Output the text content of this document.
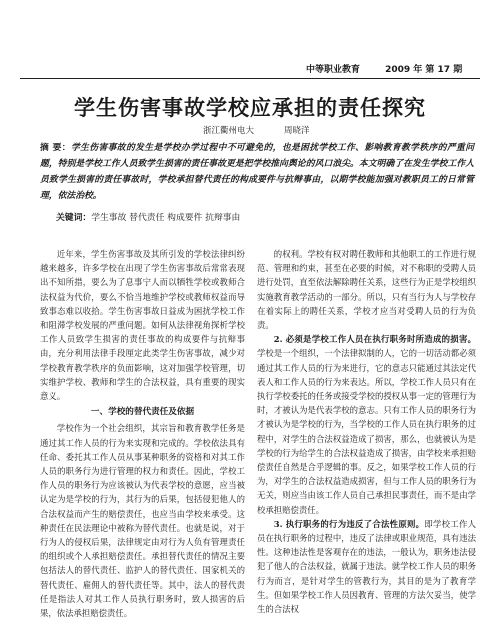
中等职业教育	2009 年 第 17 期
学生伤害事故学校应承担的责任探究
浙江衢州电大	周晓洋
摘 要：学生伤害事故的发生是学校办学过程中不可避免的，也是困扰学校工作、影响教育教学秩序的严重问题，特别是学校工作人员致学生损害的责任事故更是把学校推向舆论的风口浪尖。本文明确了在发生学校工作人员致学生损害的责任事故时，学校承担替代责任的构成要件与抗辩事由，以期学校能加强对教职员工的日常管理，依法治校。
关键词：学生事故 替代责任 构成要件 抗辩事由

近年来，学生伤害事故及其所引发的学校法律纠纷越来越多，许多学校在出现了学生伤害事故后常常表现出不知所措，要么为了息事宁人而以牺牲学校或教师合法权益为代价，要么不恰当地维护学校或教师权益而导致事态难以收拾。学生伤害事故日益成为困扰学校工作和阻滞学校发展的严重问题。如何从法律视角探析学校工作人员致学生损害的责任事故的构成要件与抗辩事由，充分利用法律手段厘定此类学生伤害事故，减少对学校教育教学秩序的负面影响，这对加强学校管理，切实维护学校、教师和学生的合法权益，具有重要的现实意义。

一、学校的替代责任及依据

学校作为一个社会组织，其宗旨和教育教学任务是通过其工作人员的行为来实现和完成的。学校依法具有任命、委托其工作人员从事某种职务的资格和对其工作人员的职务行为进行管理的权力和责任。因此，学校工作人员的职务行为应该被认为代表学校的意愿，应当被认定为是学校的行为，其行为的后果，包括侵犯他人的合法权益而产生的赔偿责任，也应当由学校来承受。这种责任在民法理论中被称为替代责任。也就是说，对于行为人的侵权后果，法律规定由对行为人负有管理责任的组织或个人承担赔偿责任。承担替代责任的情况主要包括法人的替代责任、监护人的替代责任、国家机关的替代责任、雇佣人的替代责任等。其中，法人的替代责任是指法人对其工作人员执行职务时，致人损害的后果，依法承担赔偿责任。

的权利。学校有权对聘任教师和其他职工的工作进行规范、管理和约束，甚至在必要的时候，对不称职的受聘人员进行处罚，直至依法解除聘任关系，这些行为正是学校组织实施教育教学活动的一部分。所以，只有当行为人与学校存在着实际上的聘任关系，学校才应当对受聘人员的行为负责。

2. 必须是学校工作人员在执行职务时所造成的损害。学校是一个组织，一个法律拟制的人，它的一切活动都必须通过其工作人员的行为来进行，它的意志只能通过其法定代表人和工作人员的行为来表达。所以，学校工作人员只有在执行学校委托的任务或接受学校的授权从事一定的管理行为时，才被认为是代表学校的意志。只有工作人员的职务行为才被认为是学校的行为，当学校的工作人员在执行职务的过程中，对学生的合法权益造成了损害，那么，也就被认为是学校的行为给学生的合法权益造成了损害，由学校来承担赔偿责任自然是合乎逻辑的事。反之，如果学校工作人员的行为，对学生的合法权益造成损害，但与工作人员的职务行为无关，则应当由该工作人员自己承担民事责任，而不是由学校承担赔偿责任。

3. 执行职务的行为违反了合法性原则。即学校工作人员在执行职务的过程中，违反了法律或职业规范，具有违法性。这种违法性是客观存在的违法，一般认为，职务违法侵犯了他人的合法权益，就属于违法。就学校工作人员的职务行为而言，是针对学生的管教行为，其目的是为了教育学生。但如果学校工作人员因教育、管理的方法欠妥当，使学生的合法权
